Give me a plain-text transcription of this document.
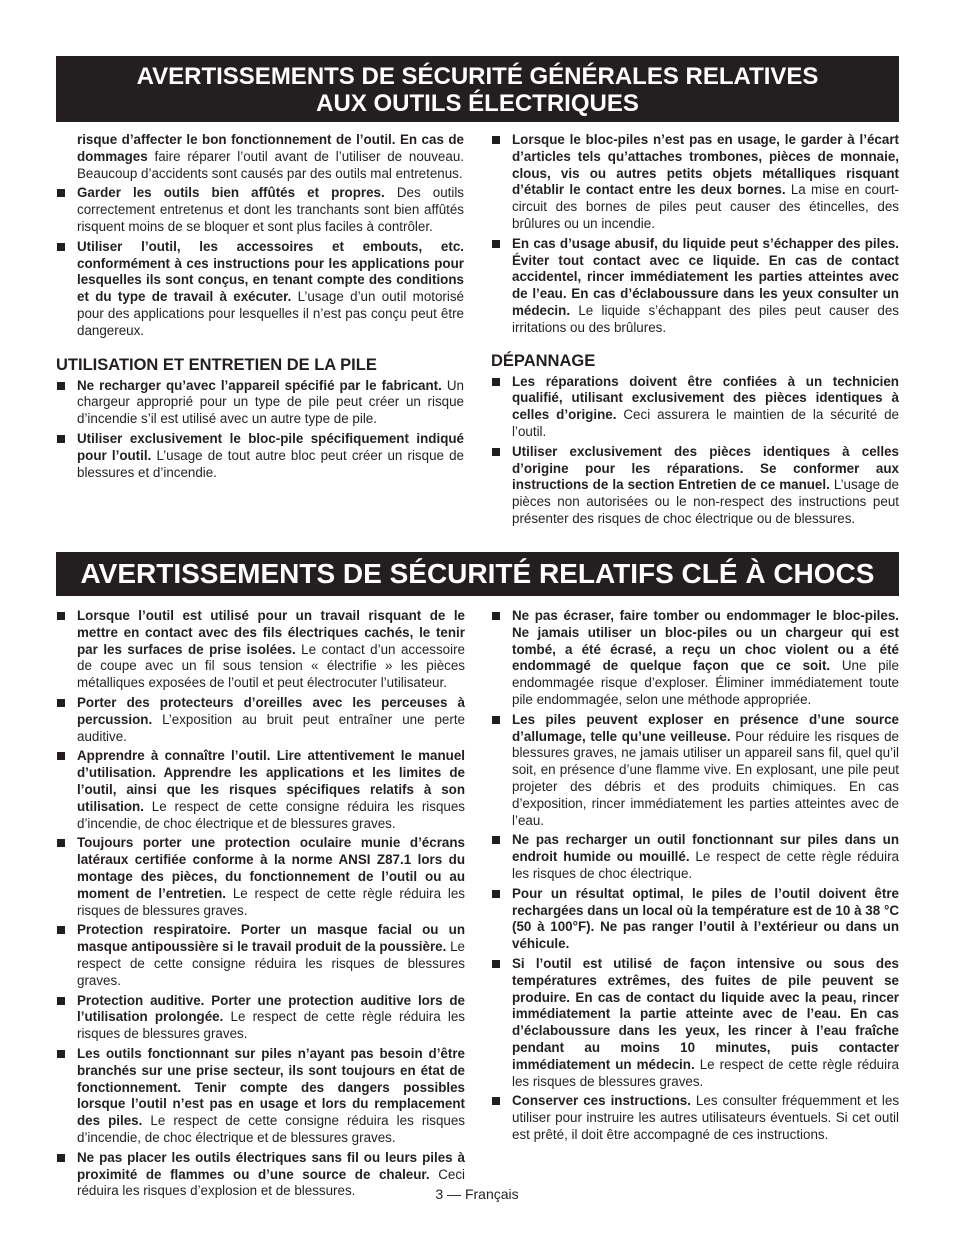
AVERTISSEMENTS DE SÉCURITÉ GÉNÉRALES RELATIVES
AUX OUTILS ÉLECTRIQUES
risque d’affecter le bon fonctionnement de l’outil. En cas de dommages faire réparer l’outil avant de l’utiliser de nouveau. Beaucoup d’accidents sont causés par des outils mal entretenus.
Garder les outils bien affûtés et propres. Des outils correctement entretenus et dont les tranchants sont bien affûtés risquent moins de se bloquer et sont plus faciles à contrôler.
Utiliser l’outil, les accessoires et embouts, etc. conformément à ces instructions pour les applications pour lesquelles ils sont conçus, en tenant compte des conditions et du type de travail à exécuter. L’usage d’un outil motorisé pour des applications pour lesquelles il n’est pas conçu peut être dangereux.
UTILISATION ET ENTRETIEN DE LA PILE
Ne recharger qu’avec l’appareil spécifié par le fabricant. Un chargeur approprié pour un type de pile peut créer un risque d’incendie s’il est utilisé avec un autre type de pile.
Utiliser exclusivement le bloc-pile spécifiquement indiqué pour l’outil. L’usage de tout autre bloc peut créer un risque de blessures et d’incendie.
Lorsque le bloc-piles n’est pas en usage, le garder à l’écart d’articles tels qu’attaches trombones, pièces de monnaie, clous, vis ou autres petits objets métalliques risquant d’établir le contact entre les deux bornes. La mise en court-circuit des bornes de piles peut causer des étincelles, des brûlures ou un incendie.
En cas d’usage abusif, du liquide peut s’échapper des piles. Éviter tout contact avec ce liquide. En cas de contact accidentel, rincer immédiatement les parties atteintes avec de l’eau. En cas d’éclaboussure dans les yeux consulter un médecin. Le liquide s’échappant des piles peut causer des irritations ou des brûlures.
DÉPANNAGE
Les réparations doivent être confiées à un technicien qualifié, utilisant exclusivement des pièces identiques à celles d’origine. Ceci assurera le maintien de la sécurité de l’outil.
Utiliser exclusivement des pièces identiques à celles d’origine pour les réparations. Se conformer aux instructions de la section Entretien de ce manuel. L’usage de pièces non autorisées ou le non-respect des instructions peut présenter des risques de choc électrique ou de blessures.
AVERTISSEMENTS DE SÉCURITÉ RELATIFS CLÉ À CHOCS
Lorsque l’outil est utilisé pour un travail risquant de le mettre en contact avec des fils électriques cachés, le tenir par les surfaces de prise isolées. Le contact d’un accessoire de coupe avec un fil sous tension « électrifie » les pièces métalliques exposées de l’outil et peut électrocuter l’utilisateur.
Porter des protecteurs d’oreilles avec les perceuses à percussion. L’exposition au bruit peut entraîner une perte auditive.
Apprendre à connaître l’outil. Lire attentivement le manuel d’utilisation. Apprendre les applications et les limites de l’outil, ainsi que les risques spécifiques relatifs à son utilisation. Le respect de cette consigne réduira les risques d’incendie, de choc électrique et de blessures graves.
Toujours porter une protection oculaire munie d’écrans latéraux certifiée conforme à la norme ANSI Z87.1 lors du montage des pièces, du fonctionnement de l’outil ou au moment de l’entretien. Le respect de cette règle réduira les risques de blessures graves.
Protection respiratoire. Porter un masque facial ou un masque antipoussière si le travail produit de la poussière. Le respect de cette consigne réduira les risques de blessures graves.
Protection auditive. Porter une protection auditive lors de l’utilisation prolongée. Le respect de cette règle réduira les risques de blessures graves.
Les outils fonctionnant sur piles n’ayant pas besoin d’être branchés sur une prise secteur, ils sont toujours en état de fonctionnement. Tenir compte des dangers possibles lorsque l’outil n’est pas en usage et lors du remplacement des piles. Le respect de cette consigne réduira les risques d’incendie, de choc électrique et de blessures graves.
Ne pas placer les outils électriques sans fil ou leurs piles à proximité de flammes ou d’une source de chaleur. Ceci réduira les risques d’explosion et de blessures.
Ne pas écraser, faire tomber ou endommager le bloc-piles. Ne jamais utiliser un bloc-piles ou un chargeur qui est tombé, a été écrasé, a reçu un choc violent ou a été endommagé de quelque façon que ce soit. Une pile endommagée risque d’exploser. Éliminer immédiatement toute pile endommagée, selon une méthode appropriée.
Les piles peuvent exploser en présence d’une source d’allumage, telle qu’une veilleuse. Pour réduire les risques de blessures graves, ne jamais utiliser un appareil sans fil, quel qu’il soit, en présence d’une flamme vive. En explosant, une pile peut projeter des débris et des produits chimiques. En cas d’exposition, rincer immédiatement les parties atteintes avec de l’eau.
Ne pas recharger un outil fonctionnant sur piles dans un endroit humide ou mouillé. Le respect de cette règle réduira les risques de choc électrique.
Pour un résultat optimal, le piles de l’outil doivent être rechargées dans un local où la température est de 10 à 38 °C (50 à 100°F). Ne pas ranger l’outil à l’extérieur ou dans un véhicule.
Si l’outil est utilisé de façon intensive ou sous des températures extrêmes, des fuites de pile peuvent se produire. En cas de contact du liquide avec la peau, rincer immédiatement la partie atteinte avec de l’eau. En cas d’éclaboussure dans les yeux, les rincer à l’eau fraîche pendant au moins 10 minutes, puis contacter immédiatement un médecin. Le respect de cette règle réduira les risques de blessures graves.
Conserver ces instructions. Les consulter fréquemment et les utiliser pour instruire les autres utilisateurs éventuels. Si cet outil est prêté, il doit être accompagné de ces instructions.
3 — Français
